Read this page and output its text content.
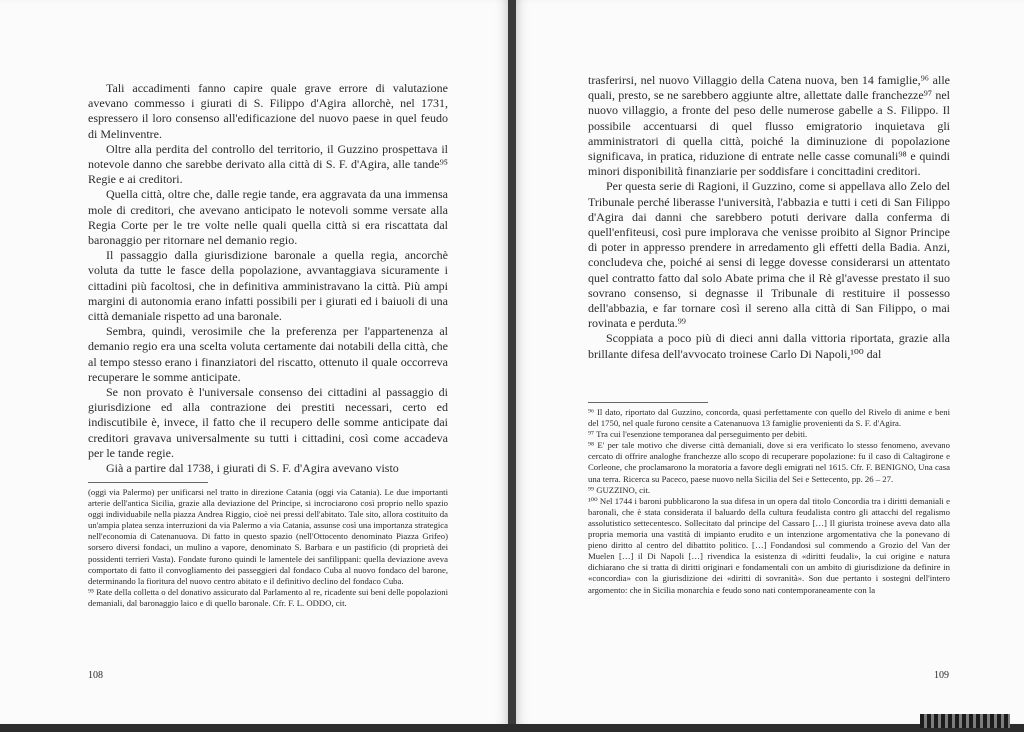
Tali accadimenti fanno capire quale grave errore di valutazione avevano commesso i giurati di S. Filippo d'Agira allorchè, nel 1731, espressero il loro consenso all'edificazione del nuovo paese in quel feudo di Melinventre.

Oltre alla perdita del controllo del territorio, il Guzzino prospettava il notevole danno che sarebbe derivato alla città di S. F. d'Agira, alle tande⁹⁵ Regie e ai creditori.

Quella città, oltre che, dalle regie tande, era aggravata da una immensa mole di creditori, che avevano anticipato le notevoli somme versate alla Regia Corte per le tre volte nelle quali quella città si era riscattata dal baronaggio per ritornare nel demanio regio.

Il passaggio dalla giurisdizione baronale a quella regia, ancorchè voluta da tutte le fasce della popolazione, avvantaggiava sicuramente i cittadini più facoltosi, che in definitiva amministravano la città. Più ampi margini di autonomia erano infatti possibili per i giurati ed i baiuoli di una città demaniale rispetto ad una baronale.

Sembra, quindi, verosimile che la preferenza per l'appartenenza al demanio regio era una scelta voluta certamente dai notabili della città, che al tempo stesso erano i finanziatori del riscatto, ottenuto il quale occorreva recuperare le somme anticipate.

Se non provato è l'universale consenso dei cittadini al passaggio di giurisdizione ed alla contrazione dei prestiti necessari, certo ed indiscutibile è, invece, il fatto che il recupero delle somme anticipate dai creditori gravava universalmente su tutti i cittadini, così come accadeva per le tande regie.

Già a partire dal 1738, i giurati di S. F. d'Agira avevano visto

(oggi via Palermo) per unificarsi nel tratto in direzione Catania (oggi via Catania). Le due importanti arterie dell'antica Sicilia, grazie alla deviazione del Principe, si incrociarono così proprio nello spazio oggi individuabile nella piazza Andrea Riggio, cioè nei pressi dell'abitato. Tale sito, allora costituito da un'ampia platea senza interruzioni da via Palermo a via Catania, assunse così una importanza strategica nell'economia di Catenanuova. Di fatto in questo spazio (nell'Ottocento denominato Piazza Grifeo) sorsero diversi fondaci, un mulino a vapore, denominato S. Barbara e un pastificio (di proprietà dei possidenti terrieri Vasta). Fondate furono quindi le lamentele dei sanfilippani: quella deviazione aveva comportato di fatto il convogliamento dei passeggieri dal fondaco Cuba al nuovo fondaco del barone, determinando la fioritura del nuovo centro abitato e il definitivo declino del fondaco Cuba.

⁹⁵ Rate della colletta o del donativo assicurato dal Parlamento al re, ricadente sui beni delle popolazioni demaniali, dal baronaggio laico e di quello baronale. Cfr. F. L. ODDO, cit.

108

trasferirsi, nel nuovo Villaggio della Catena nuova, ben 14 famiglie,⁹⁶ alle quali, presto, se ne sarebbero aggiunte altre, allettate dalle franchezze⁹⁷ nel nuovo villaggio, a fronte del peso delle numerose gabelle a S. Filippo. Il possibile accentuarsi di quel flusso emigratorio inquietava gli amministratori di quella città, poiché la diminuzione di popolazione significava, in pratica, riduzione di entrate nelle casse comunali⁹⁸ e quindi minori disponibilità finanziarie per soddisfare i concittadini creditori.

Per questa serie di Ragioni, il Guzzino, come si appellava allo Zelo del Tribunale perché liberasse l'università, l'abbazia e tutti i ceti di San Filippo d'Agira dai danni che sarebbero potuti derivare dalla conferma di quell'enfiteusi, così pure implorava che venisse proibito al Signor Principe di poter in appresso prendere in arredamento gli effetti della Badia. Anzi, concludeva che, poiché ai sensi di legge dovesse considerarsi un attentato quel contratto fatto dal solo Abate prima che il Rè gl'avesse prestato il suo sovrano consenso, si degnasse il Tribunale di restituire il possesso dell'abbazia, e far tornare così il sereno alla città di San Filippo, o mai rovinata e perduta.⁹⁹

Scoppiata a poco più di dieci anni dalla vittoria riportata, grazie alla brillante difesa dell'avvocato troinese Carlo Di Napoli,¹⁰⁰ dal

⁹⁶ Il dato, riportato dal Guzzino, concorda, quasi perfettamente con quello del Rivelo di anime e beni del 1750, nel quale furono censite a Catenanuova 13 famiglie provenienti da S. F. d'Agira.

⁹⁷ Tra cui l'esenzione temporanea dal perseguimento per debiti.

⁹⁸ E' per tale motivo che diverse città demaniali, dove si era verificato lo stesso fenomeno, avevano cercato di offrire analoghe franchezze allo scopo di recuperare popolazione: fu il caso di Caltagirone e Corleone, che proclamarono la moratoria a favore degli emigrati nel 1615. Cfr. F. BENIGNO, Una casa una terra. Ricerca su Paceco, paese nuovo nella Sicilia del Sei e Settecento, pp. 26 – 27.

⁹⁹ GUZZINO, cit.

¹⁰⁰ Nel 1744 i baroni pubblicarono la sua difesa in un opera dal titolo Concordia tra i diritti demaniali e baronali, che è stata considerata il baluardo della cultura feudalista contro gli attacchi del regalismo assolutistico settecentesco. Sollecitato dal principe del Cassaro […] Il giurista troinese aveva dato alla propria memoria una vastità di impianto erudito e un intenzione argomentativa che la ponevano di pieno diritto al centro del dibattito politico. […] Fondandosi sul commendo a Grozio del Van der Muelen […] il Di Napoli […] rivendica la esistenza di «diritti feudali», la cui origine e natura dichiarano che si tratta di diritti originari e fondamentali con un ambito di giurisdizione da definire in «concordia» con la giurisdizione dei «diritti di sovranità». Son due pertanto i sostegni dell'intero argomento: che in Sicilia monarchia e feudo sono nati contemporaneamente con la

109
